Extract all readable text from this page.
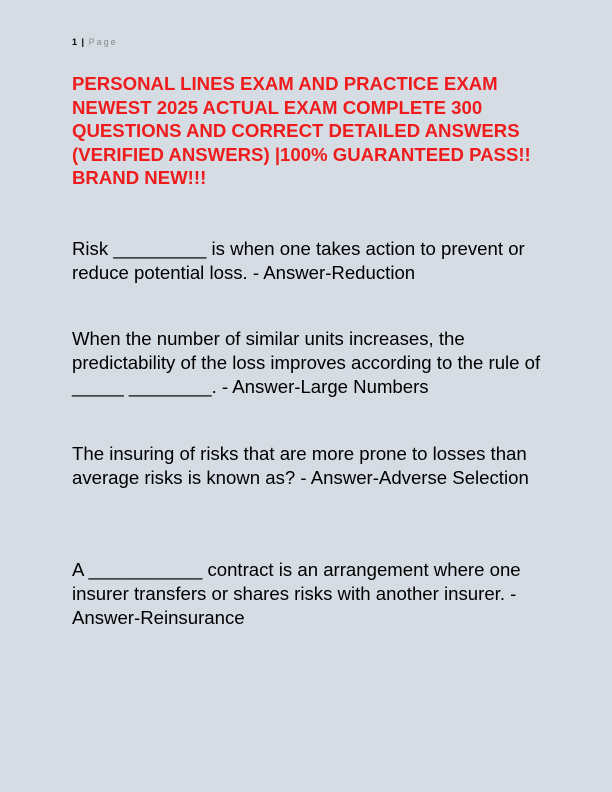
1 | Page
PERSONAL LINES EXAM AND PRACTICE EXAM NEWEST 2025 ACTUAL EXAM COMPLETE 300 QUESTIONS AND CORRECT DETAILED ANSWERS (VERIFIED ANSWERS) |100% GUARANTEED PASS!! BRAND NEW!!!

Risk _________ is when one takes action to prevent or reduce potential loss. - Answer-Reduction

When the number of similar units increases, the predictability of the loss improves according to the rule of _____ ________. - Answer-Large Numbers

The insuring of risks that are more prone to losses than average risks is known as? - Answer-Adverse Selection

A ___________ contract is an arrangement where one insurer transfers or shares risks with another insurer. - Answer-Reinsurance
